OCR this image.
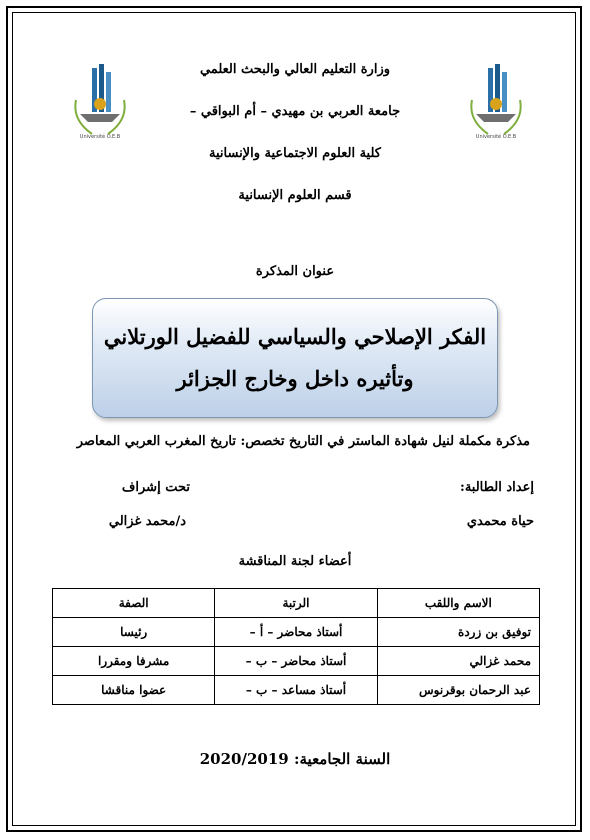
Université O.E.B	Université O.E.B
وزارة التعليم العالي والبحث العلمي
جامعة العربي بن مهيدي – أم البواقي –
كلية العلوم الاجتماعية والإنسانية
قسم العلوم الإنسانية
عنوان المذكرة
الفكر الإصلاحي والسياسي للفضيل الورتلاني
وتأثيره داخل وخارج الجزائر
مذكرة مكملة لنيل شهادة الماستر في التاريخ تخصص: تاريخ المغرب العربي المعاصر
إعداد الطالبة:
حياة محمدي
تحت إشراف
د/محمد غزالي
أعضاء لجنة المناقشة
الاسم واللقب	الرتبة	الصفة
توفيق بن زردة	أستاذ محاضر – أ –	رئيسا
محمد غزالي	أستاذ محاضر – ب –	مشرفا ومقررا
عبد الرحمان بوقرنوس	أستاذ مساعد – ب –	عضوا مناقشا
السنة الجامعية: 2020/2019
